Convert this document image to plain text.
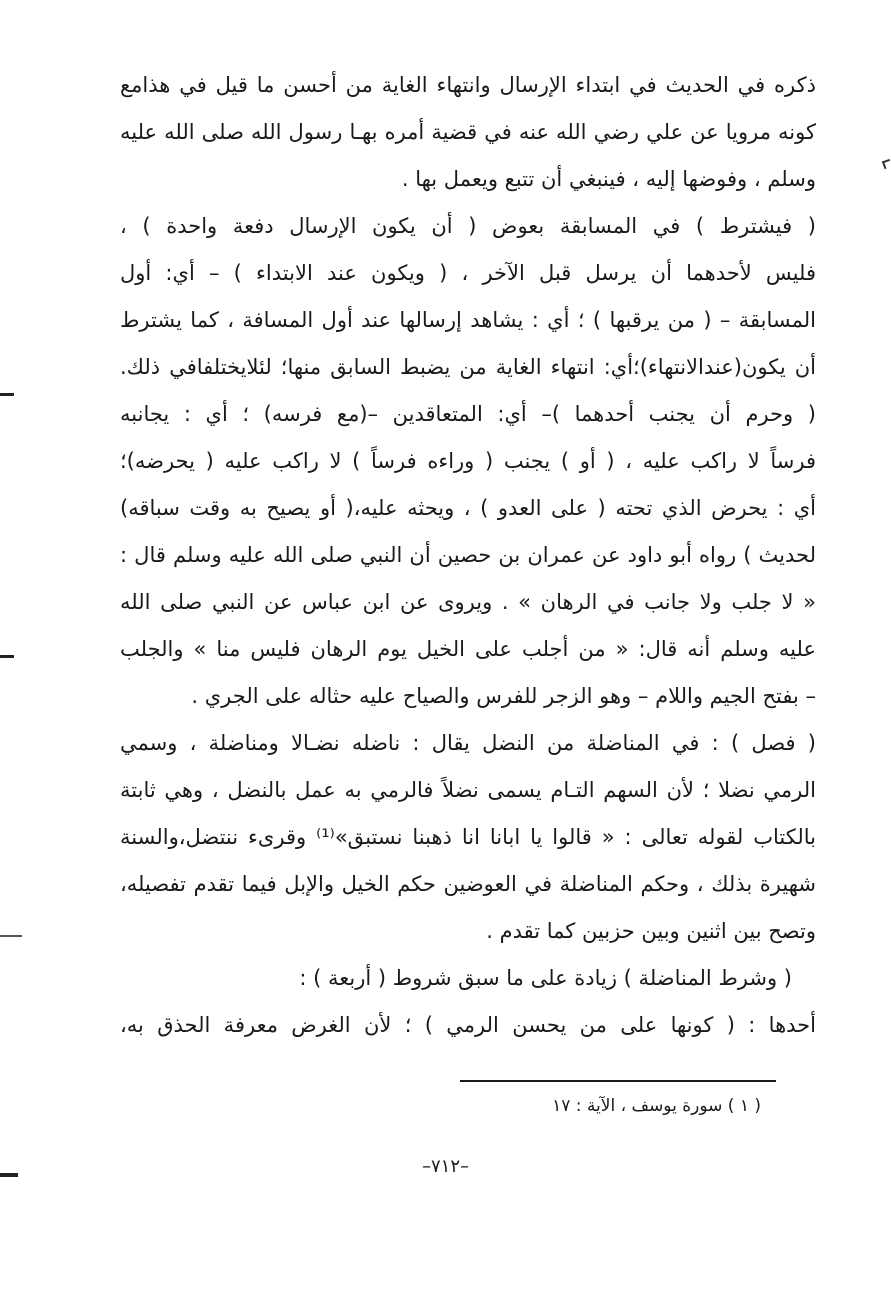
ذكره في الحديث في ابتداء الإرسال وانتهاء الغاية من أحسن ما قيل في هذامع
كونه مرويا عن علي رضي الله عنه في قضية أمره بهـا رسول الله صلى الله عليه
وسلم ، وفوضها إليه ، فينبغي أن تتبع ويعمل بها .
( فيشترط ) في المسابقة بعوض ( أن يكون الإرسال دفعة واحدة ) ،
فليس لأحدهما أن يرسل قبل الآخر ، ( ويكون عند الابتداء ) – أي: أول
المسابقة – ( من يرقبها ) ؛ أي : يشاهد إرسالها عند أول المسافة ، كما يشترط
أن يكون(عندالانتهاء)؛أي: انتهاء الغاية من يضبط السابق منها؛ لئلايختلفافي ذلك.
( وحرم أن يجنب أحدهما )– أي: المتعاقدين –(مع فرسه) ؛ أي : يجانبه
فرساً لا راكب عليه ، ( أو ) يجنب ( وراءه فرساً ) لا راكب عليه ( يحرضه)؛
أي : يحرض الذي تحته ( على العدو ) ، ويحثه عليه،( أو يصيح به وقت سباقه)
لحديث ) رواه أبو داود عن عمران بن حصين أن النبي صلى الله عليه وسلم قال :
« لا جلب ولا جانب في الرهان » . ويروى عن ابن عباس عن النبي صلى الله
عليه وسلم أنه قال: « من أجلب على الخيل يوم الرهان فليس منا » والجلب
– بفتح الجيم واللام – وهو الزجر للفرس والصياح عليه حثاله على الجري .
( فصل ) : في المناضلة من النضل يقال : ناضله نضـالا ومناضلة ، وسمي
الرمي نضلا ؛ لأن السهم التـام يسمى نضلاً فالرمي به عمل بالنضل ، وهي ثابتة
بالكتاب لقوله تعالى : « قالوا يا ابانا انا ذهبنا نستبق»⁽¹⁾ وقرىء ننتضل،والسنة
شهيرة بذلك ، وحكم المناضلة في العوضين حكم الخيل والإبل فيما تقدم تفصيله،
وتصح بين اثنين وبين حزبين كما تقدم .
( وشرط المناضلة ) زيادة على ما سبق شروط ( أربعة ) :
أحدها : ( كونها على من يحسن الرمي ) ؛ لأن الغرض معرفة الحذق به،
( ١ ) سورة يوسف ، الآية : ١٧
–٧١٢–
